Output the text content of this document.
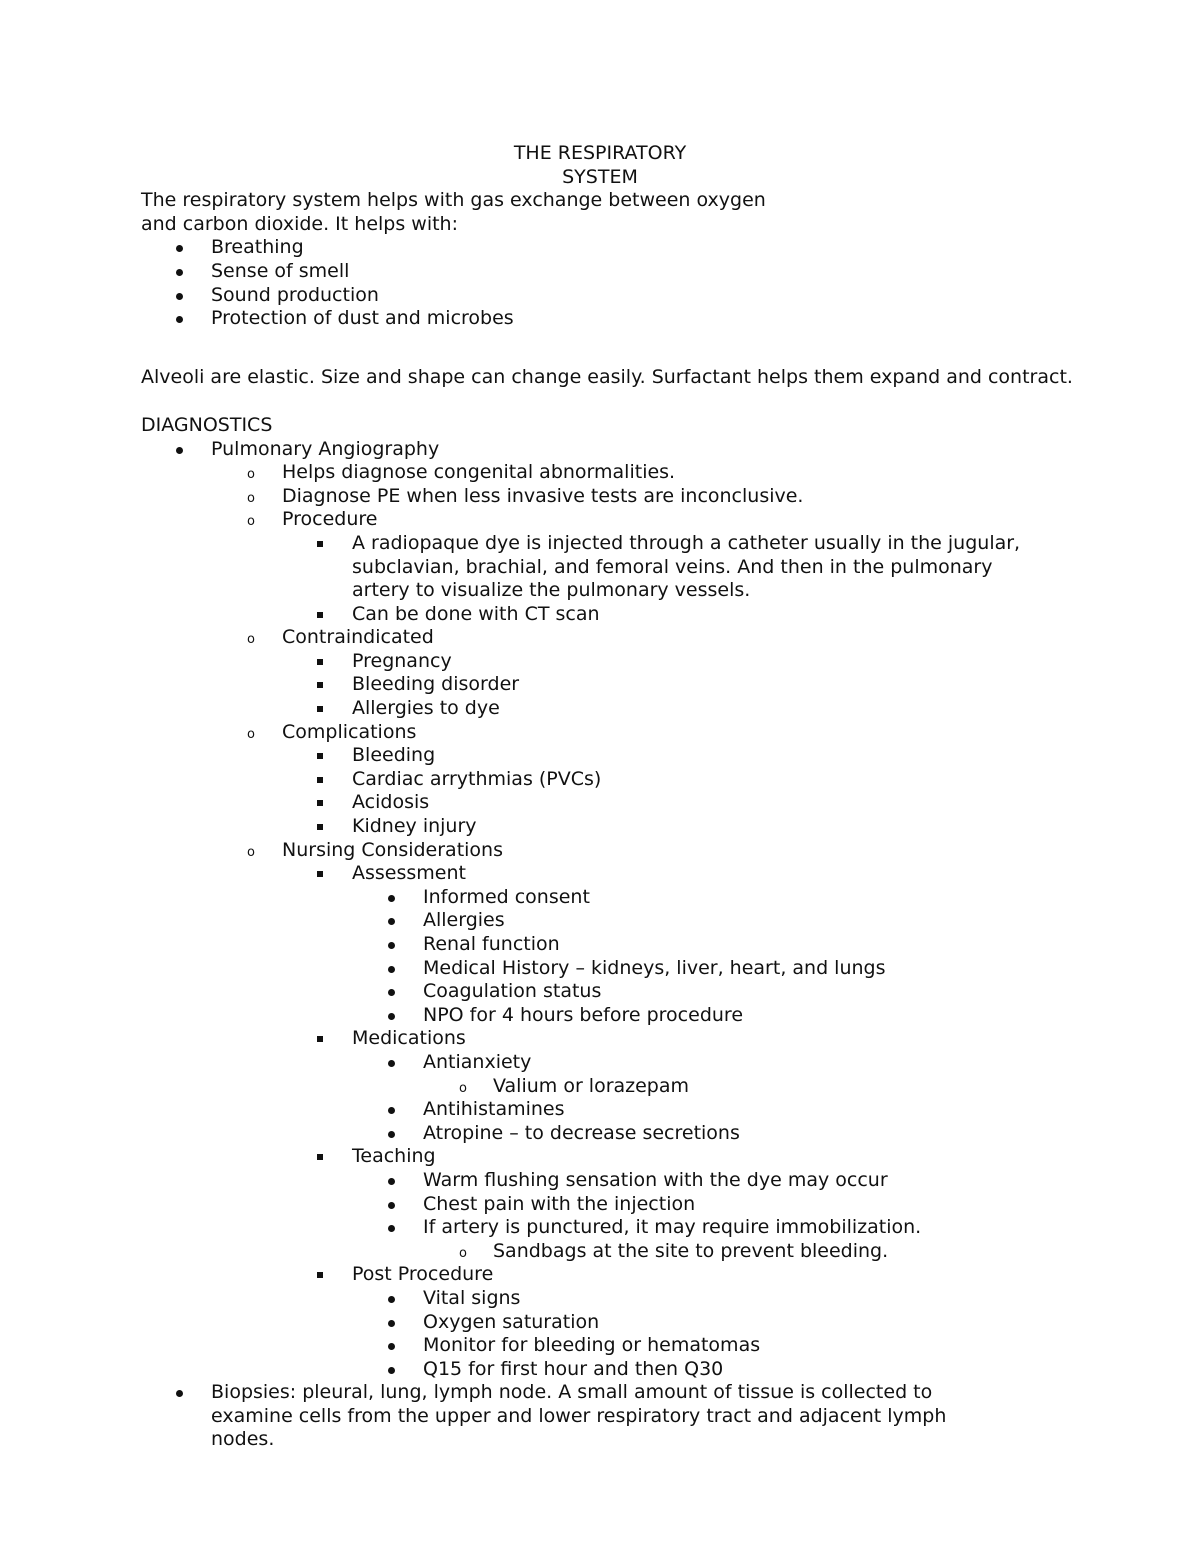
THE RESPIRATORY
SYSTEM
The respiratory system helps with gas exchange between oxygen
and carbon dioxide. It helps with:
Breathing
Sense of smell
Sound production
Protection of dust and microbes
Alveoli are elastic. Size and shape can change easily. Surfactant helps them expand and contract.
DIAGNOSTICS
Pulmonary Angiography
o Helps diagnose congenital abnormalities.
o Diagnose PE when less invasive tests are inconclusive.
o Procedure
A radiopaque dye is injected through a catheter usually in the jugular,
subclavian, brachial, and femoral veins. And then in the pulmonary
artery to visualize the pulmonary vessels.
Can be done with CT scan
o Contraindicated
Pregnancy
Bleeding disorder
Allergies to dye
o Complications
Bleeding
Cardiac arrythmias (PVCs)
Acidosis
Kidney injury
o Nursing Considerations
Assessment
Informed consent
Allergies
Renal function
Medical History – kidneys, liver, heart, and lungs
Coagulation status
NPO for 4 hours before procedure
Medications
Antianxiety
o Valium or lorazepam
Antihistamines
Atropine – to decrease secretions
Teaching
Warm flushing sensation with the dye may occur
Chest pain with the injection
If artery is punctured, it may require immobilization.
o Sandbags at the site to prevent bleeding.
Post Procedure
Vital signs
Oxygen saturation
Monitor for bleeding or hematomas
Q15 for first hour and then Q30
Biopsies: pleural, lung, lymph node. A small amount of tissue is collected to
examine cells from the upper and lower respiratory tract and adjacent lymph
nodes.
